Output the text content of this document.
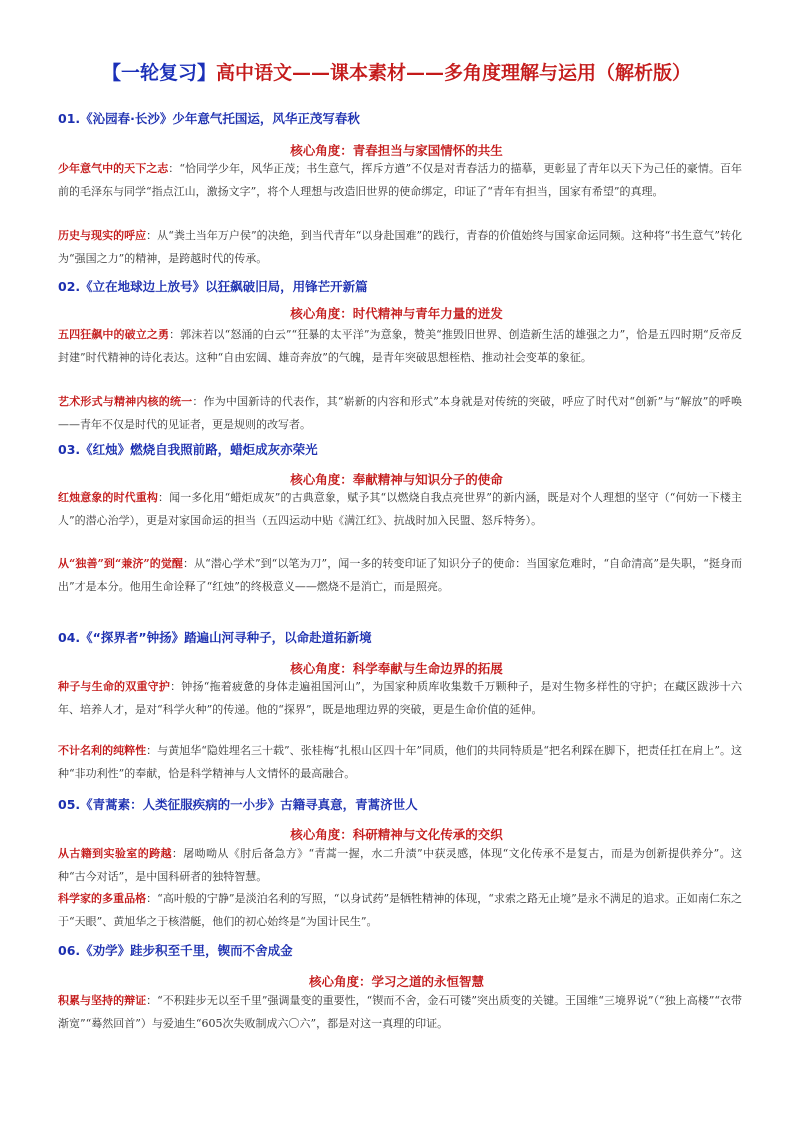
【一轮复习】高中语文——课本素材——多角度理解与运用（解析版）
01.《沁园春·长沙》少年意气托国运，风华正茂写春秋
核心角度：青春担当与家国情怀的共生

少年意气中的天下之志：“恰同学少年，风华正茂；书生意气，挥斥方遒”不仅是对青春活力的描摹，更彰显了青年以天下为己任的豪情。百年前的毛泽东与同学“指点江山，激扬文字”，将个人理想与改造旧世界的使命绑定，印证了“青年有担当，国家有希望”的真理。

历史与现实的呼应：从“粪土当年万户侯”的决绝，到当代青年“以身赴国难”的践行，青春的价值始终与国家命运同频。这种将“书生意气”转化为“强国之力”的精神，是跨越时代的传承。

02.《立在地球边上放号》以狂飙破旧局，用锋芒开新篇
核心角度：时代精神与青年力量的迸发

五四狂飙中的破立之勇：郭沫若以“怒涌的白云”“狂暴的太平洋”为意象，赞美“推毁旧世界、创造新生活的雄强之力”，恰是五四时期“反帝反封建”时代精神的诗化表达。这种“自由宏阔、雄奇奔放”的气魄，是青年突破思想桎梏、推动社会变革的象征。

艺术形式与精神内核的统一：作为中国新诗的代表作，其“崭新的内容和形式”本身就是对传统的突破，呼应了时代对“创新”与“解放”的呼唤——青年不仅是时代的见证者，更是规则的改写者。

03.《红烛》燃烧自我照前路，蜡炬成灰亦荣光
核心角度：奉献精神与知识分子的使命

红烛意象的时代重构：闻一多化用“蜡炬成灰”的古典意象，赋予其“以燃烧自我点亮世界”的新内涵，既是对个人理想的坚守（“何妨一下楼主人”的潜心治学），更是对家国命运的担当（五四运动中贴《满江红》、抗战时加入民盟、怒斥特务）。

从“独善”到“兼济”的觉醒：从“潜心学术”到“以笔为刀”，闻一多的转变印证了知识分子的使命：当国家危难时，“自命清高”是失职，“挺身而出”才是本分。他用生命诠释了“红烛”的终极意义——燃烧不是消亡，而是照亮。

04.《“探界者”钟扬》踏遍山河寻种子，以命赴道拓新境
核心角度：科学奉献与生命边界的拓展

种子与生命的双重守护：钟扬“拖着疲惫的身体走遍祖国河山”，为国家种质库收集数千万颗种子，是对生物多样性的守护；在藏区跋涉十六年、培养人才，是对“科学火种”的传递。他的“探界”，既是地理边界的突破，更是生命价值的延伸。

不计名利的纯粹性：与黄旭华“隐姓埋名三十载”、张桂梅“扎根山区四十年”同质，他们的共同特质是“把名利踩在脚下，把责任扛在肩上”。这种“非功利性”的奉献，恰是科学精神与人文情怀的最高融合。

05.《青蒿素：人类征服疾病的一小步》古籍寻真意，青蒿济世人
核心角度：科研精神与文化传承的交织

从古籍到实验室的跨越：屠呦呦从《肘后备急方》“青蒿一握，水二升渍”中获灵感，体现“文化传承不是复古，而是为创新提供养分”。这种“古今对话”，是中国科研者的独特智慧。

科学家的多重品格：“高叶般的宁静”是淡泊名利的写照，“以身试药”是牺牲精神的体现，“求索之路无止境”是永不满足的追求。正如南仁东之于“天眼”、黄旭华之于核潜艇，他们的初心始终是“为国计民生”。

06.《劝学》跬步积至千里，锲而不舍成金
核心角度：学习之道的永恒智慧

积累与坚持的辩证：“不积跬步无以至千里”强调量变的重要性，“锲而不舍，金石可镂”突出质变的关键。王国维“三境界说”（“独上高楼”“衣带渐宽”“蓦然回首”）与爱迪生“605次失败制成六〇六”，都是对这一真理的印证。
